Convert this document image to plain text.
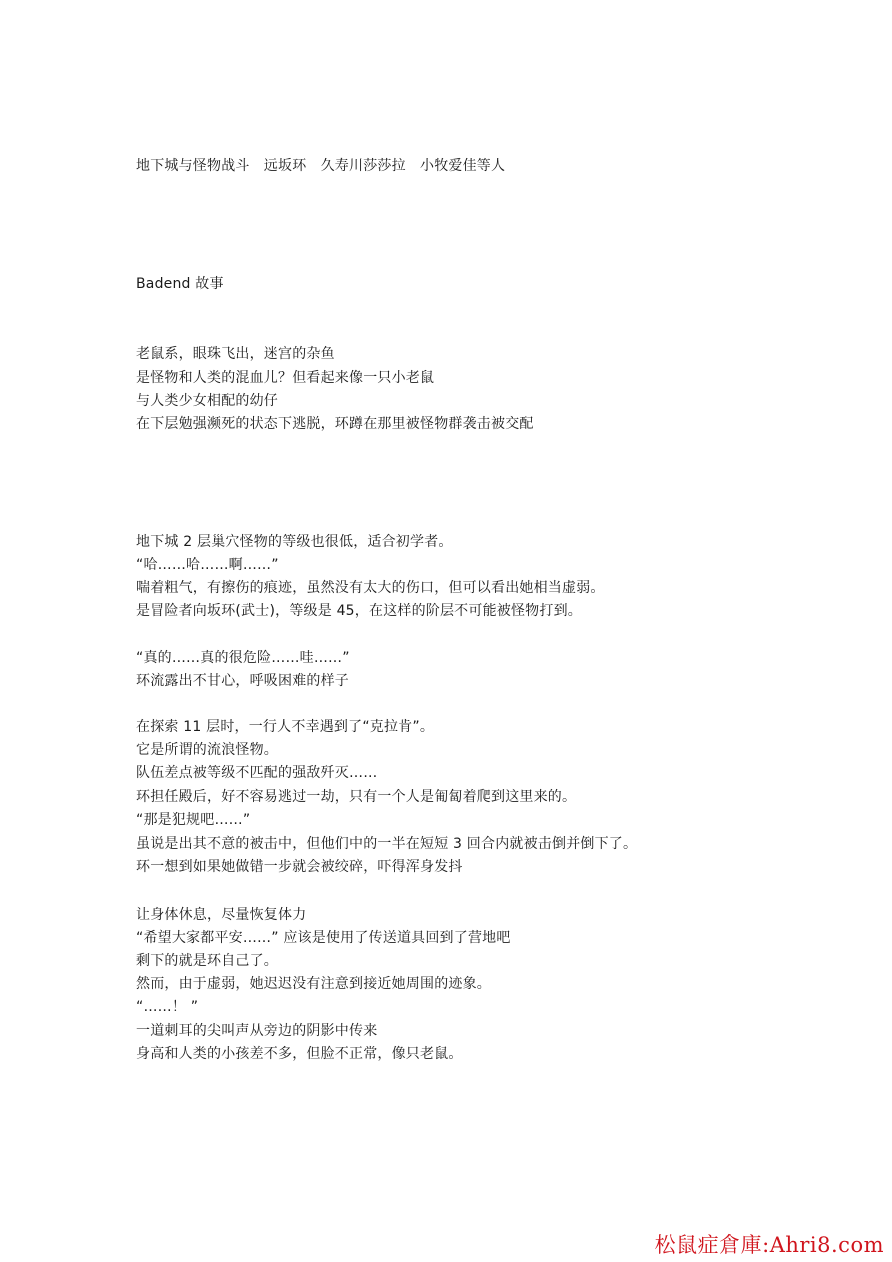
地下城与怪物战斗　远坂环　久寿川莎莎拉　小牧爱佳等人
Badend 故事
老鼠系，眼珠飞出，迷宫的杂鱼
是怪物和人类的混血儿？但看起来像一只小老鼠
与人类少女相配的幼仔
在下层勉强濒死的状态下逃脱，环蹲在那里被怪物群袭击被交配
地下城 2 层巢穴怪物的等级也很低，适合初学者。
“哈……哈……啊……”
喘着粗气，有擦伤的痕迹，虽然没有太大的伤口，但可以看出她相当虚弱。
是冒险者向坂环(武士)，等级是 45，在这样的阶层不可能被怪物打到。
“真的……真的很危险……哇……”
环流露出不甘心，呼吸困难的样子
在探索 11 层时，一行人不幸遇到了“克拉肯”。
它是所谓的流浪怪物。
队伍差点被等级不匹配的强敌歼灭……
环担任殿后，好不容易逃过一劫，只有一个人是匍匐着爬到这里来的。
“那是犯规吧……”
虽说是出其不意的被击中，但他们中的一半在短短 3 回合内就被击倒并倒下了。
环一想到如果她做错一步就会被绞碎，吓得浑身发抖
让身体休息，尽量恢复体力
“希望大家都平安……” 应该是使用了传送道具回到了营地吧
剩下的就是环自己了。
然而，由于虚弱，她迟迟没有注意到接近她周围的迹象。
“……！ ”
一道刺耳的尖叫声从旁边的阴影中传来
身高和人类的小孩差不多，但脸不正常，像只老鼠。
松鼠症倉庫:Ahri8.com
